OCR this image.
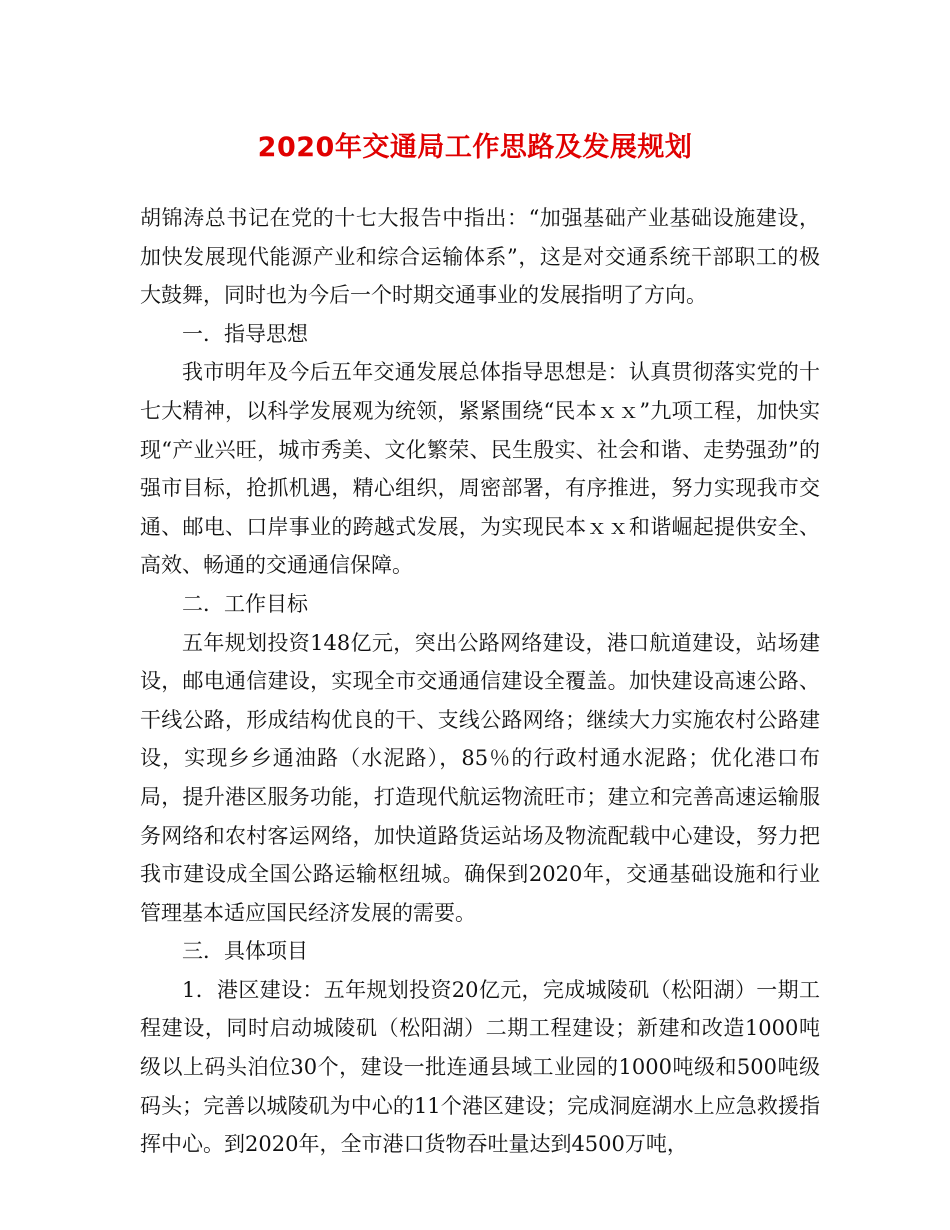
2020年交通局工作思路及发展规划

胡锦涛总书记在党的十七大报告中指出：“加强基础产业基础设施建设，加快发展现代能源产业和综合运输体系”，这是对交通系统干部职工的极大鼓舞，同时也为今后一个时期交通事业的发展指明了方向。

一．指导思想

我市明年及今后五年交通发展总体指导思想是：认真贯彻落实党的十七大精神，以科学发展观为统领，紧紧围绕“民本ｘｘ”九项工程，加快实现“产业兴旺，城市秀美、文化繁荣、民生殷实、社会和谐、走势强劲”的强市目标，抢抓机遇，精心组织，周密部署，有序推进，努力实现我市交通、邮电、口岸事业的跨越式发展，为实现民本ｘｘ和谐崛起提供安全、高效、畅通的交通通信保障。

二．工作目标

五年规划投资148亿元，突出公路网络建设，港口航道建设，站场建设，邮电通信建设，实现全市交通通信建设全覆盖。加快建设高速公路、干线公路，形成结构优良的干、支线公路网络；继续大力实施农村公路建设，实现乡乡通油路（水泥路），85％的行政村通水泥路；优化港口布局，提升港区服务功能，打造现代航运物流旺市；建立和完善高速运输服务网络和农村客运网络，加快道路货运站场及物流配载中心建设，努力把我市建设成全国公路运输枢纽城。确保到2020年，交通基础设施和行业管理基本适应国民经济发展的需要。

三．具体项目

1．港区建设：五年规划投资20亿元，完成城陵矶（松阳湖）一期工程建设，同时启动城陵矶（松阳湖）二期工程建设；新建和改造1000吨级以上码头泊位30个，建设一批连通县域工业园的1000吨级和500吨级码头；完善以城陵矶为中心的11个港区建设；完成洞庭湖水上应急救援指挥中心。到2020年，全市港口货物吞吐量达到4500万吨，
